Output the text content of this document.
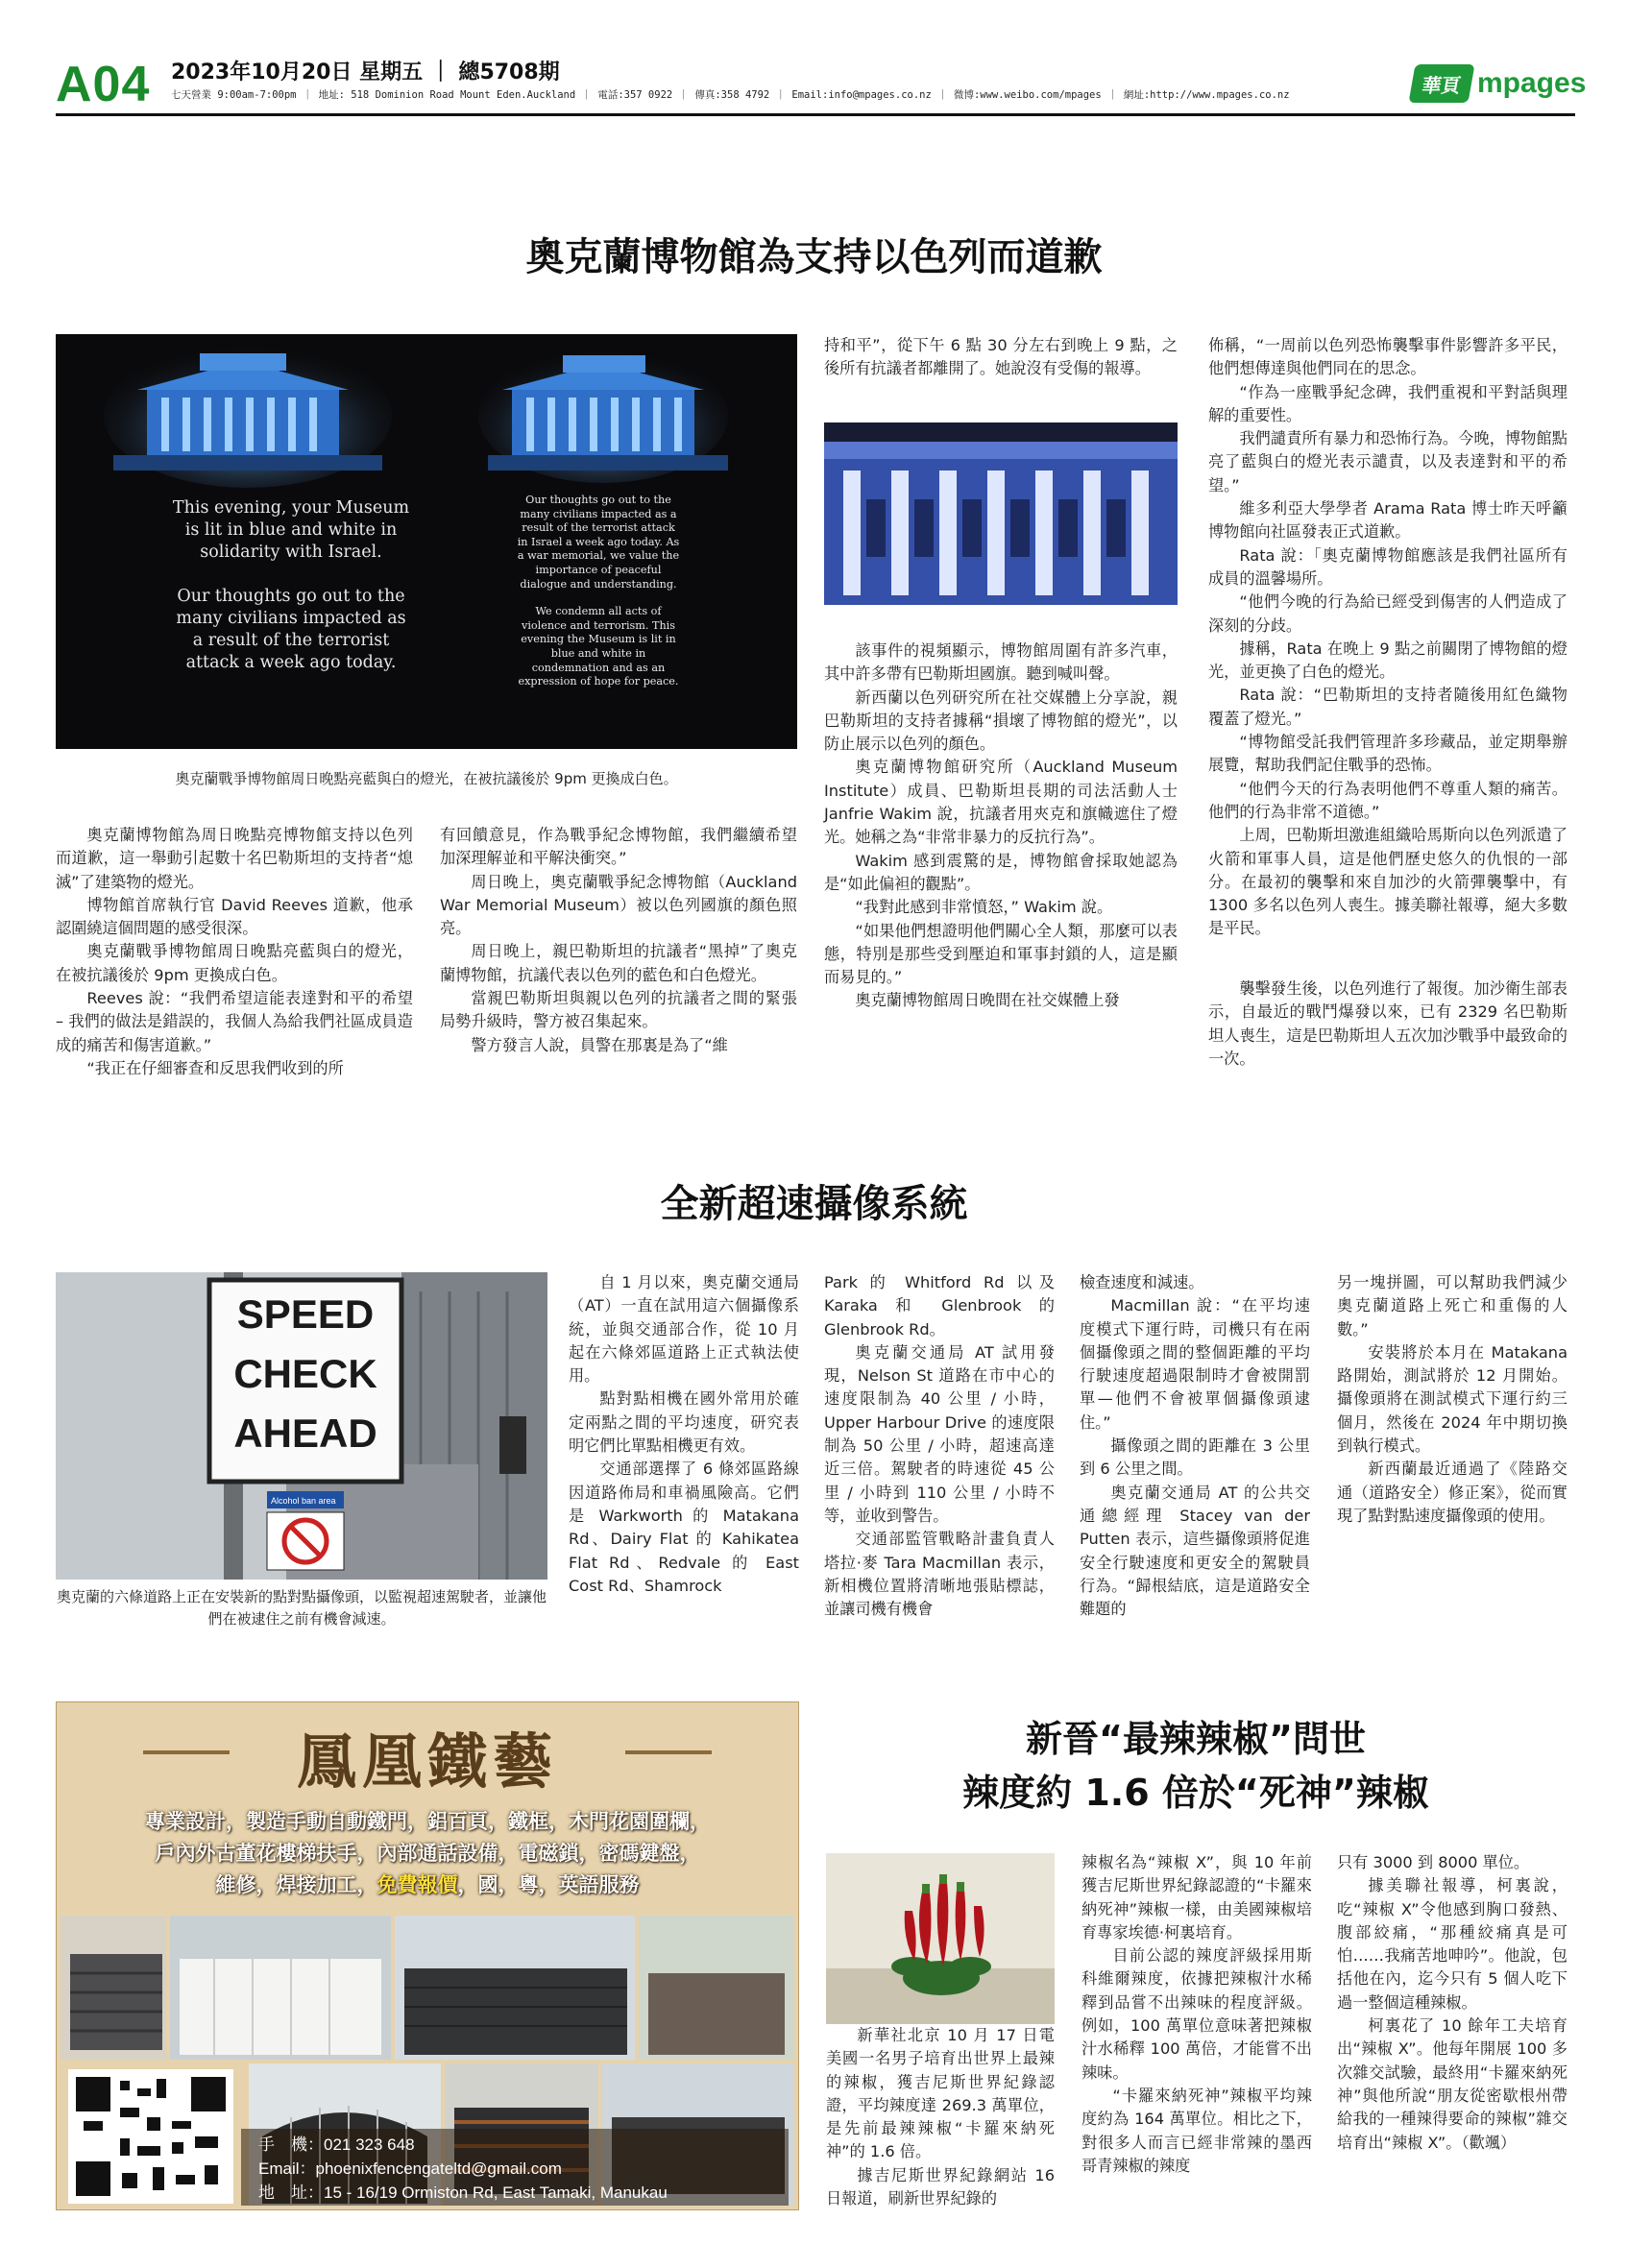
A04 2023年10月20日 星期五 ｜ 總5708期
七天營業 9:00am-7:00pm ｜ 地址: 518 Dominion Road Mount Eden.Auckland ｜ 電話:357 0922 ｜ 傳真:358 4792 ｜ Email:info@mpages.co.nz ｜ 微博:www.weibo.com/mpages ｜ 網址:http://www.mpages.co.nz	華頁 mpages
奧克蘭博物館為支持以色列而道歉
This evening, your Museum
is lit in blue and white in
solidarity with Israel.
Our thoughts go out to the
many civilians impacted as
a result of the terrorist
attack a week ago today.
Our thoughts go out to the
many civilians impacted as a
result of the terrorist attack
in Israel a week ago today. As
a war memorial, we value the
importance of peaceful
dialogue and understanding.
We condemn all acts of
violence and terrorism. This
evening the Museum is lit in
blue and white in
condemnation and as an
expression of hope for peace.
奧克蘭戰爭博物館周日晚點亮藍與白的燈光，在被抗議後於 9pm 更換成白色。

奧克蘭博物館為周日晚點亮博物館支持以色列而道歉，這一舉動引起數十名巴勒斯坦的支持者“熄滅”了建築物的燈光。

博物館首席執行官 David Reeves 道歉，他承認圍繞這個問題的感受很深。

奧克蘭戰爭博物館周日晚點亮藍與白的燈光，在被抗議後於 9pm 更換成白色。

Reeves 說：“我們希望這能表達對和平的希望 – 我們的做法是錯誤的，我個人為給我們社區成員造成的痛苦和傷害道歉。”

“我正在仔細審查和反思我們收到的所

有回饋意見，作為戰爭紀念博物館，我們繼續希望加深理解並和平解決衝突。”

周日晚上，奧克蘭戰爭紀念博物館（Auckland War Memorial Museum）被以色列國旗的顏色照亮。

周日晚上，親巴勒斯坦的抗議者“黑掉”了奧克蘭博物館，抗議代表以色列的藍色和白色燈光。

當親巴勒斯坦與親以色列的抗議者之間的緊張局勢升級時，警方被召集起來。

警方發言人說，員警在那裏是為了“維

持和平”，從下午 6 點 30 分左右到晚上 9 點，之後所有抗議者都離開了。她說沒有受傷的報導。

該事件的視頻顯示，博物館周圍有許多汽車，其中許多帶有巴勒斯坦國旗。聽到喊叫聲。

新西蘭以色列研究所在社交媒體上分享說，親巴勒斯坦的支持者據稱“損壞了博物館的燈光”，以防止展示以色列的顏色。

奧克蘭博物館研究所（Auckland Museum Institute）成員、巴勒斯坦長期的司法活動人士 Janfrie Wakim 說，抗議者用夾克和旗幟遮住了燈光。她稱之為“非常非暴力的反抗行為”。

Wakim 感到震驚的是，博物館會採取她認為是“如此偏袒的觀點”。

“我對此感到非常憤怒，” Wakim 說。

“如果他們想證明他們關心全人類，那麼可以表態，特別是那些受到壓迫和軍事封鎖的人，這是顯而易見的。”

奧克蘭博物館周日晚間在社交媒體上發

佈稱，“一周前以色列恐怖襲擊事件影響許多平民，他們想傳達與他們同在的思念。

“作為一座戰爭紀念碑，我們重視和平對話與理解的重要性。

我們譴責所有暴力和恐怖行為。今晚，博物館點亮了藍與白的燈光表示譴責，以及表達對和平的希望。”

維多利亞大學學者 Arama Rata 博士昨天呼籲博物館向社區發表正式道歉。

Rata 說：「奧克蘭博物館應該是我們社區所有成員的溫馨場所。

“他們今晚的行為給已經受到傷害的人們造成了深刻的分歧。

據稱，Rata 在晚上 9 點之前關閉了博物館的燈光，並更換了白色的燈光。

Rata 說：“巴勒斯坦的支持者隨後用紅色織物覆蓋了燈光。”

“博物館受託我們管理許多珍藏品，並定期舉辦展覽，幫助我們記住戰爭的恐怖。

“他們今天的行為表明他們不尊重人類的痛苦。他們的行為非常不道德。”

上周，巴勒斯坦激進組織哈馬斯向以色列派遣了火箭和軍事人員，這是他們歷史悠久的仇恨的一部分。在最初的襲擊和來自加沙的火箭彈襲擊中，有 1300 多名以色列人喪生。據美聯社報導，絕大多數是平民。

襲擊發生後，以色列進行了報復。加沙衛生部表示，自最近的戰鬥爆發以來，已有 2329 名巴勒斯坦人喪生，這是巴勒斯坦人五次加沙戰爭中最致命的一次。

全新超速攝像系統
SPEED
CHECK
AHEAD
Alcohol ban area
奧克蘭的六條道路上正在安裝新的點對點攝像頭，以監視超速駕駛者，並讓他們在被逮住之前有機會減速。

自 1 月以來，奧克蘭交通局（AT）一直在試用這六個攝像系統，並與交通部合作，從 10 月起在六條郊區道路上正式執法使用。

點對點相機在國外常用於確定兩點之間的平均速度，研究表明它們比單點相機更有效。

交通部選擇了 6 條郊區路線因道路佈局和車禍風險高。它們是 Warkworth 的 Matakana Rd、Dairy Flat 的 Kahikatea Flat Rd、Redvale 的 East Cost Rd、Shamrock

Park 的 Whitford Rd 以及 Karaka 和 Glenbrook 的 Glenbrook Rd。

奧克蘭交通局 AT 試用發現，Nelson St 道路在市中心的速度限制為 40 公里 / 小時，Upper Harbour Drive 的速度限制為 50 公里 / 小時，超速高達近三倍。駕駛者的時速從 45 公里 / 小時到 110 公里 / 小時不等，並收到警告。

交通部監管戰略計畫負責人塔拉·麥 Tara Macmillan 表示，新相機位置將清晰地張貼標誌，並讓司機有機會

檢查速度和減速。

Macmillan 說：“在平均速度模式下運行時，司機只有在兩個攝像頭之間的整個距離的平均行駛速度超過限制時才會被開罰單—他們不會被單個攝像頭逮住。”

攝像頭之間的距離在 3 公里到 6 公里之間。

奧克蘭交通局 AT 的公共交通總經理 Stacey van der Putten 表示，這些攝像頭將促進安全行駛速度和更安全的駕駛員行為。“歸根結底，這是道路安全難題的

另一塊拼圖，可以幫助我們減少奧克蘭道路上死亡和重傷的人數。”

安裝將於本月在 Matakana 路開始，測試將於 12 月開始。攝像頭將在測試模式下運行約三個月，然後在 2024 年中期切換到執行模式。

新西蘭最近通過了《陸路交通（道路安全）修正案》，從而實現了點對點速度攝像頭的使用。

鳳凰鐵藝
專業設計，製造手動自動鐵門，鋁百頁，鐵框，木門花園圍欄，
戶內外古董花樓梯扶手，內部通話設備，電磁鎖，密碼鍵盤，
維修，焊接加工，免費報價，國，粵，英語服務
手　機：021 323 648
Email：phoenixfencengateltd@gmail.com
地　址：15 - 16/19 Ormiston Rd, East Tamaki, Manukau
新晉“最辣辣椒”問世
辣度約 1.6 倍於“死神”辣椒

新華社北京 10 月 17 日電 美國一名男子培育出世界上最辣的辣椒，獲吉尼斯世界紀錄認證，平均辣度達 269.3 萬單位，是先前最辣辣椒“卡羅來納死神”的 1.6 倍。

據吉尼斯世界紀錄網站 16 日報道，刷新世界紀錄的

辣椒名為“辣椒 X”，與 10 年前獲吉尼斯世界紀錄認證的“卡羅來納死神”辣椒一樣，由美國辣椒培育專家埃德·柯裏培育。

目前公認的辣度評級採用斯科維爾辣度，依據把辣椒汁水稀釋到品嘗不出辣味的程度評級。例如，100 萬單位意味著把辣椒汁水稀釋 100 萬倍，才能嘗不出辣味。

“卡羅來納死神”辣椒平均辣度約為 164 萬單位。相比之下，對很多人而言已經非常辣的墨西哥青辣椒的辣度

只有 3000 到 8000 單位。

據美聯社報導，柯裏說，吃“辣椒 X”令他感到胸口發熱、腹部絞痛，“那種絞痛真是可怕……我痛苦地呻吟”。他說，包括他在內，迄今只有 5 個人吃下過一整個這種辣椒。

柯裏花了 10 餘年工夫培育出“辣椒 X”。他每年開展 100 多次雜交試驗，最終用“卡羅來納死神”與他所說“朋友從密歇根州帶給我的一種辣得要命的辣椒”雜交培育出“辣椒 X”。（歡颯）
